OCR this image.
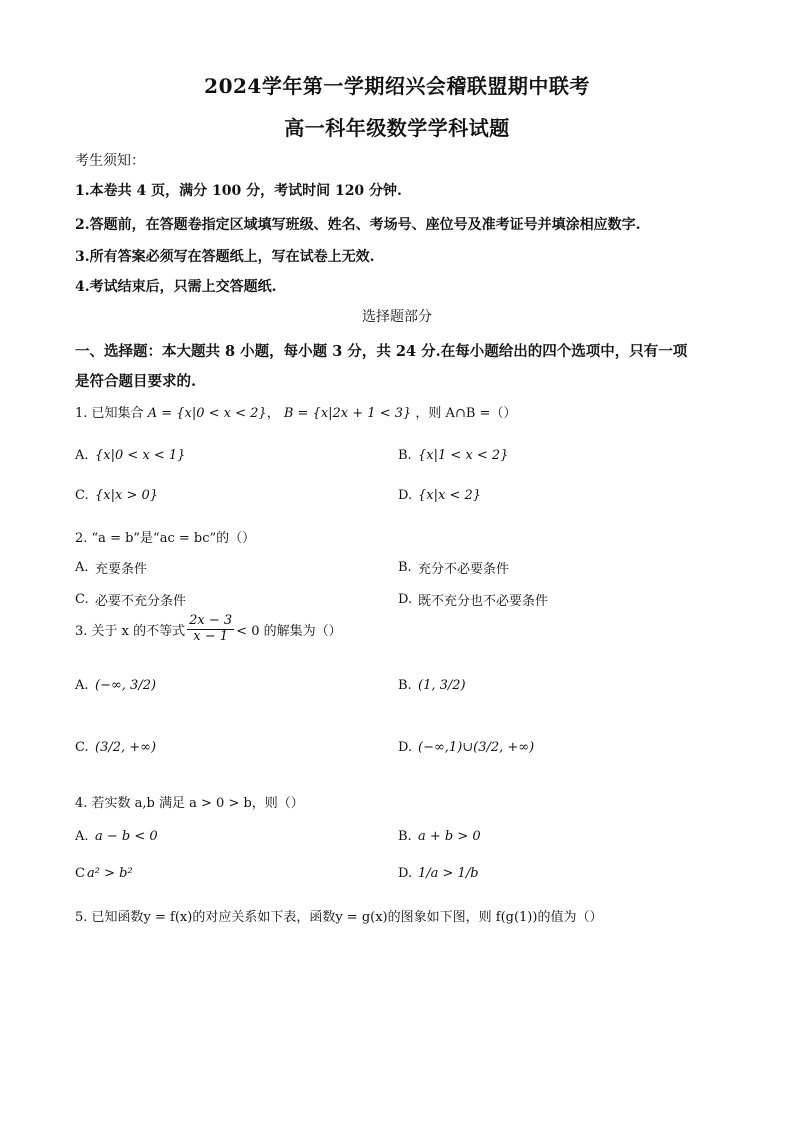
2024学年第一学期绍兴会稽联盟期中联考
高一科年级数学学科试题
考生须知：
1.本卷共 4 页，满分 100 分，考试时间 120 分钟.
2.答题前，在答题卷指定区域填写班级、姓名、考场号、座位号及准考证号并填涂相应数字.
3.所有答案必须写在答题纸上，写在试卷上无效.
4.考试结束后，只需上交答题纸.
选择题部分
一、选择题：本大题共 8 小题，每小题 3 分，共 24 分.在每小题给出的四个选项中，只有一项
是符合题目要求的.
1. 已知集合 A = {x|0 < x < 2}， B = {x|2x + 1 < 3} ，则 A∩B =（）
A. {x|0 < x < 1}	B. {x|1 < x < 2}
C. {x|x > 0}	D. {x|x < 2}
2. “a = b”是“ac = bc”的（）
A. 充要条件	B. 充分不必要条件
C. 必要不充分条件	D. 既不充分也不必要条件
3. 关于 x 的不等式 $\frac{2x - 3}{x - 1} < 0$ 的解集为（）
A. (−∞, 3/2)	B. (1, 3/2)
C. (3/2, +∞)	D. (−∞,1)∪(3/2, +∞)
4. 若实数 a,b 满足 a > 0 > b，则（）
A. a − b < 0	B. a + b > 0
C a² > b²	D. 1/a > 1/b
5. 已知函数y = f(x)的对应关系如下表，函数y = g(x)的图象如下图，则 f(g(1))的值为（）
